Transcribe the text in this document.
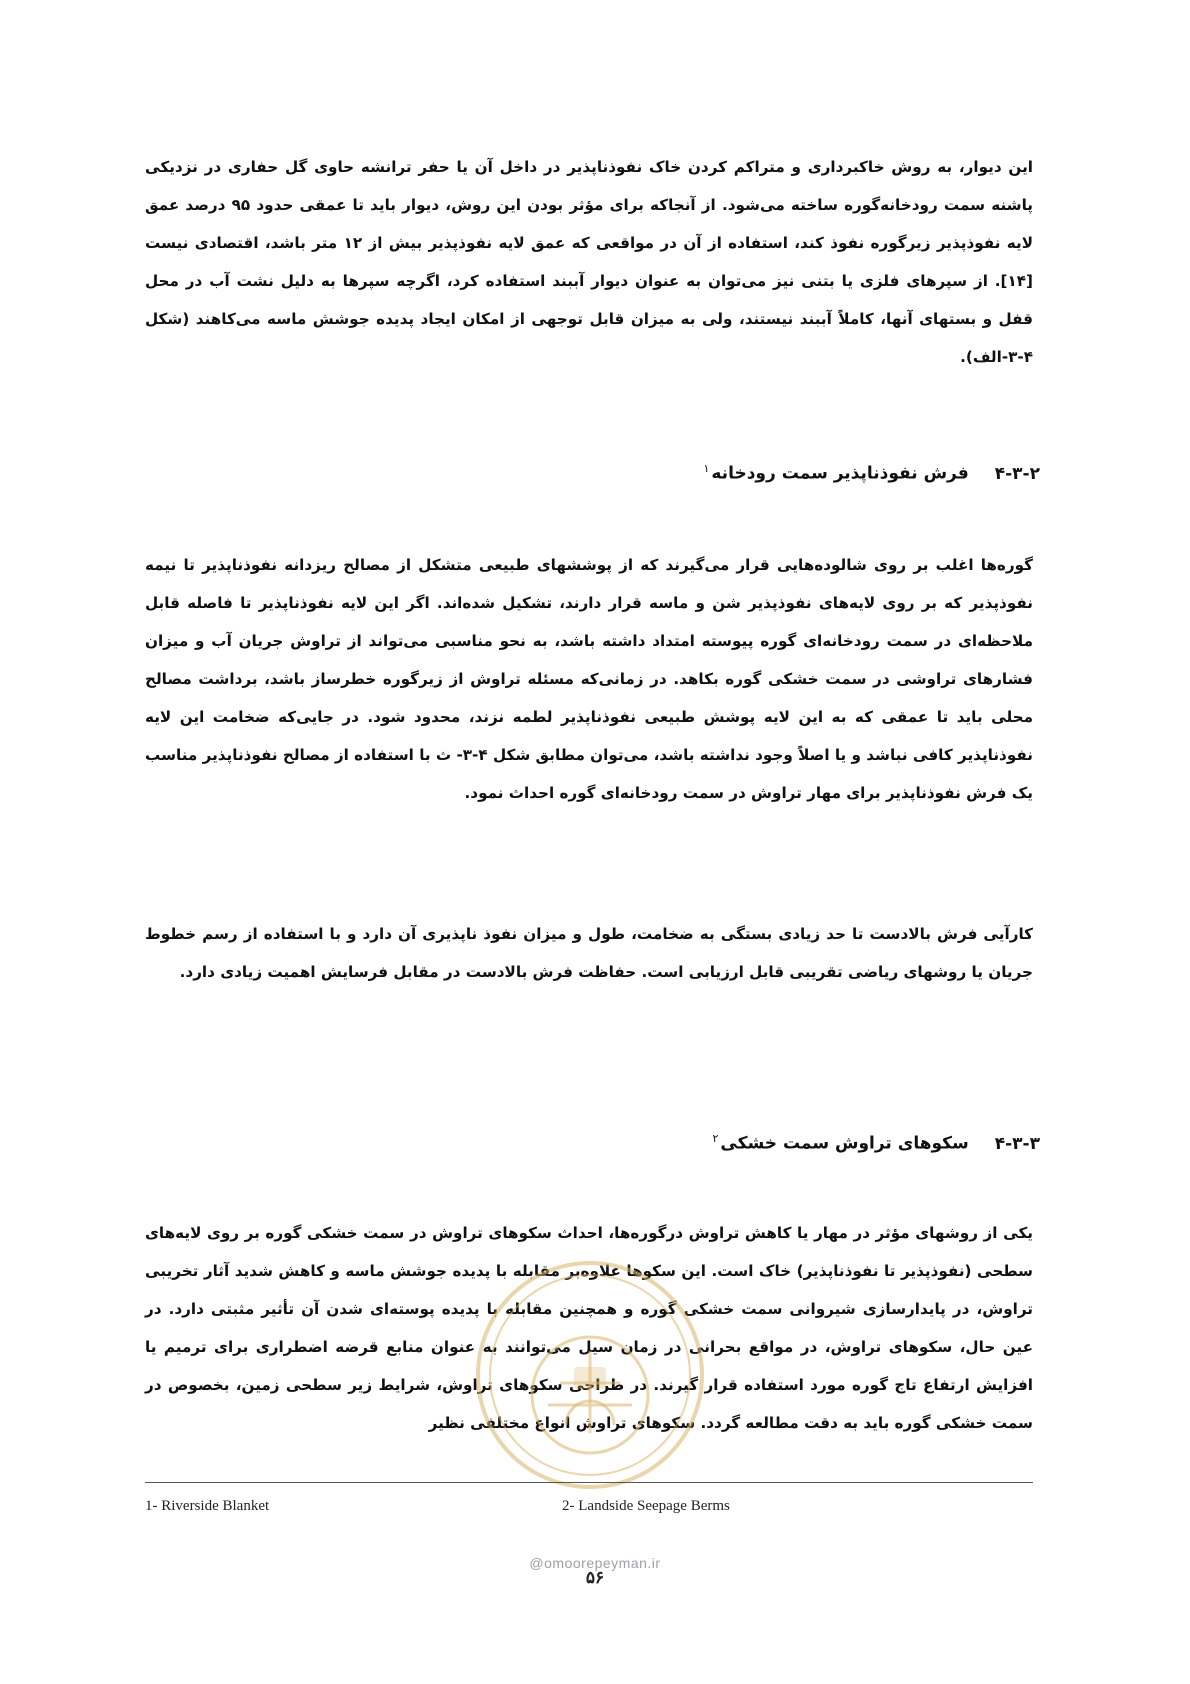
این دیوار، به روش خاکبرداری و متراکم کردن خاک نفوذناپذیر در داخل آن یا حفر ترانشه حاوی گل حفاری در نزدیکی پاشنه سمت رودخانه‌گوره ساخته می‌شود. از آنجاکه برای مؤثر بودن این روش، دیوار باید تا عمقی حدود ۹۵ درصد عمق لایه نفوذپذیر زیرگوره نفوذ کند، استفاده از آن در مواقعی که عمق لایه نفوذپذیر بیش از ۱۲ متر باشد، اقتصادی نیست [۱۴]. از سپرهای فلزی یا بتنی نیز می‌توان به عنوان دیوار آببند استفاده کرد، اگرچه سپرها به دلیل نشت آب در محل قفل و بستهای آنها، کاملاً آببند نیستند، ولی به میزان قابل توجهی از امکان ایجاد پدیده جوشش ماسه می‌کاهند (شکل ۴-۳-الف).

۴-۳-۲فرش نفوذناپذیر سمت رودخانه$^۱$

گوره‌ها اغلب بر روی شالوده‌هایی قرار می‌گیرند که از پوششهای طبیعی متشکل از مصالح ریزدانه نفوذناپذیر تا نیمه نفوذپذیر که بر روی لایه‌های نفوذپذیر شن و ماسه قرار دارند، تشکیل شده‌اند. اگر این لایه نفوذناپذیر تا فاصله قابل ملاحظه‌ای در سمت رودخانه‌ای گوره پیوسته امتداد داشته باشد، به نحو مناسبی می‌تواند از تراوش جریان آب و میزان فشارهای تراوشی در سمت خشکی گوره بکاهد. در زمانی‌که مسئله تراوش از زیرگوره خطرساز باشد، برداشت مصالح محلی باید تا عمقی که به این لایه پوشش طبیعی نفوذناپذیر لطمه نزند، محدود شود. در جایی‌که ضخامت این لایه نفوذناپذیر کافی نباشد و یا اصلاً وجود نداشته باشد، می‌توان مطابق شکل ۴-۳- ث با استفاده از مصالح نفوذناپذیر مناسب یک فرش نفوذناپذیر برای مهار تراوش در سمت رودخانه‌ای گوره احداث نمود.

کارآیی فرش بالادست تا حد زیادی بستگی به ضخامت، طول و میزان نفوذ ناپذیری آن دارد و با استفاده از رسم خطوط جریان یا روشهای ریاضی تقریبی قابل ارزیابی است. حفاظت فرش بالادست در مقابل فرسایش اهمیت زیادی دارد.

۴-۳-۳سکوهای تراوش سمت خشکی$^۲$

یکی از روشهای مؤثر در مهار یا کاهش تراوش درگوره‌ها، احداث سکوهای تراوش در سمت خشکی گوره بر روی لایه‌های سطحی (نفوذپذیر تا نفوذناپذیر) خاک است. این سکوها علاوه‌بر مقابله با پدیده جوشش ماسه و کاهش شدید آثار تخریبی تراوش، در پایدارسازی شیروانی سمت خشکی گوره و همچنین مقابله با پدیده پوسته‌ای شدن آن تأثیر مثبتی دارد. در عین حال، سکوهای تراوش، در مواقع بحرانی در زمان سیل می‌توانند به عنوان منابع قرضه اضطراری برای ترمیم یا افزایش ارتفاع تاج گوره مورد استفاده قرار گیرند. در طراحی سکوهای تراوش، شرایط زیر سطحی زمین، بخصوص در سمت خشکی گوره باید به دقت مطالعه گردد. سکوهای تراوش انواع مختلفی نظیر

1- Riverside Blanket	2- Landside Seepage Berms
@omoorepeyman.ir
۵۶
